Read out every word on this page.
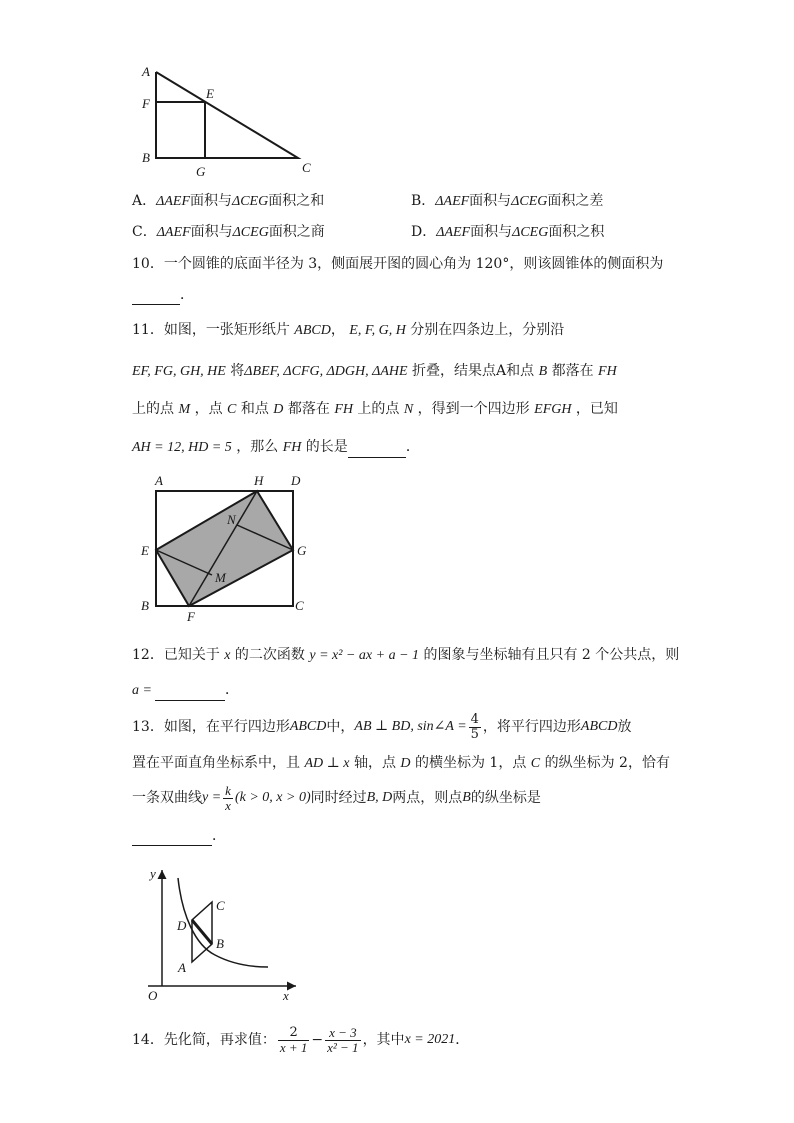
A
F
E
B
G	C
A．ΔAEF面积与ΔCEG面积之和	B．ΔAEF面积与ΔCEG面积之差
C．ΔAEF面积与ΔCEG面积之商	D．ΔAEF面积与ΔCEG面积之积
10．一个圆锥的底面半径为 3，侧面展开图的圆心角为 120°，则该圆锥体的侧面积为
．
11．如图，一张矩形纸片 ABCD， E, F, G, H 分别在四条边上，分别沿
EF, FG, GH, HE 将ΔBEF, ΔCFG, ΔDGH, ΔAHE 折叠，结果点A和点 B 都落在 FH
上的点 M ，点 C 和点 D 都落在 FH 上的点 N ，得到一个四边形 EFGH ，已知
AH = 12, HD = 5 ，那么 FH 的长是	．
A	H D
N
E	G
M
B
F
C
12．已知关于 x 的二次函数 y = x² − ax + a − 1 的图象与坐标轴有且只有 2 个公共点，则
a =	．
13．如图，在平行四边形 ABCD 中， AB ⊥ BD, sin∠A = $\frac{4}{5}$ ，将平行四边形 ABCD 放
置在平面直角坐标系中，且 AD ⊥ x 轴，点 D 的横坐标为 1，点 C 的纵坐标为 2，恰有
一条双曲线 $y = \frac{k}{x} (k > 0$, x > 0) 同时经过 B, D 两点，则点 B 的纵坐标是
．
y
x
O
C
D
B
A
14．先化简，再求值： $\frac{2}{x + 1} - \frac{x - 3}{\text{x² − 1}}$ ，其中 x = 2021 ．
